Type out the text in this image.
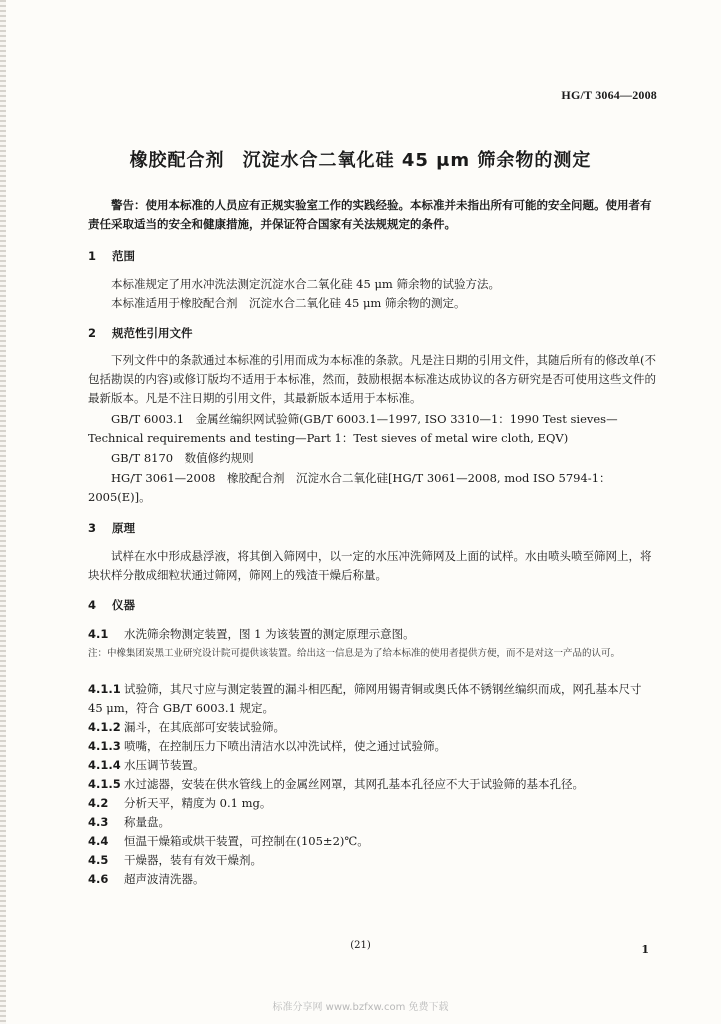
HG/T 3064—2008
橡胶配合剂 沉淀水合二氧化硅 45 μm 筛余物的测定
警告：使用本标准的人员应有正规实验室工作的实践经验。本标准并未指出所有可能的安全问题。使用者有责任采取适当的安全和健康措施，并保证符合国家有关法规规定的条件。
1 范围
本标准规定了用水冲洗法测定沉淀水合二氧化硅 45 μm 筛余物的试验方法。
本标准适用于橡胶配合剂　沉淀水合二氧化硅 45 μm 筛余物的测定。
2 规范性引用文件
下列文件中的条款通过本标准的引用而成为本标准的条款。凡是注日期的引用文件，其随后所有的修改单(不包括勘误的内容)或修订版均不适用于本标准，然而，鼓励根据本标准达成协议的各方研究是否可使用这些文件的最新版本。凡是不注日期的引用文件，其最新版本适用于本标准。
GB/T 6003.1　金属丝编织网试验筛(GB/T 6003.1—1997, ISO 3310—1：1990 Test sieves—Technical requirements and testing—Part 1：Test sieves of metal wire cloth, EQV)
GB/T 8170　数值修约规则
HG/T 3061—2008　橡胶配合剂　沉淀水合二氧化硅[HG/T 3061—2008, mod ISO 5794-1：2005(E)]。
3 原理
试样在水中形成悬浮液，将其倒入筛网中，以一定的水压冲洗筛网及上面的试样。水由喷头喷至筛网上，将块状样分散成细粒状通过筛网，筛网上的残渣干燥后称量。
4 仪器
4.1 水洗筛余物测定装置，图 1 为该装置的测定原理示意图。
注：中橡集团炭黑工业研究设计院可提供该装置。给出这一信息是为了给本标准的使用者提供方便，而不是对这一产品的认可。
4.1.1 试验筛，其尺寸应与测定装置的漏斗相匹配，筛网用锡青铜或奥氏体不锈钢丝编织而成，网孔基本尺寸 45 μm，符合 GB/T 6003.1 规定。
4.1.2 漏斗，在其底部可安装试验筛。
4.1.3 喷嘴，在控制压力下喷出清洁水以冲洗试样，使之通过试验筛。
4.1.4 水压调节装置。
4.1.5 水过滤器，安装在供水管线上的金属丝网罩，其网孔基本孔径应不大于试验筛的基本孔径。
4.2 分析天平，精度为 0.1 mg。
4.3 称量盘。
4.4 恒温干燥箱或烘干装置，可控制在(105±2)℃。
4.5 干燥器，装有有效干燥剂。
4.6 超声波清洗器。
(21)	1
标准分享网 www.bzfxw.com 免费下载
